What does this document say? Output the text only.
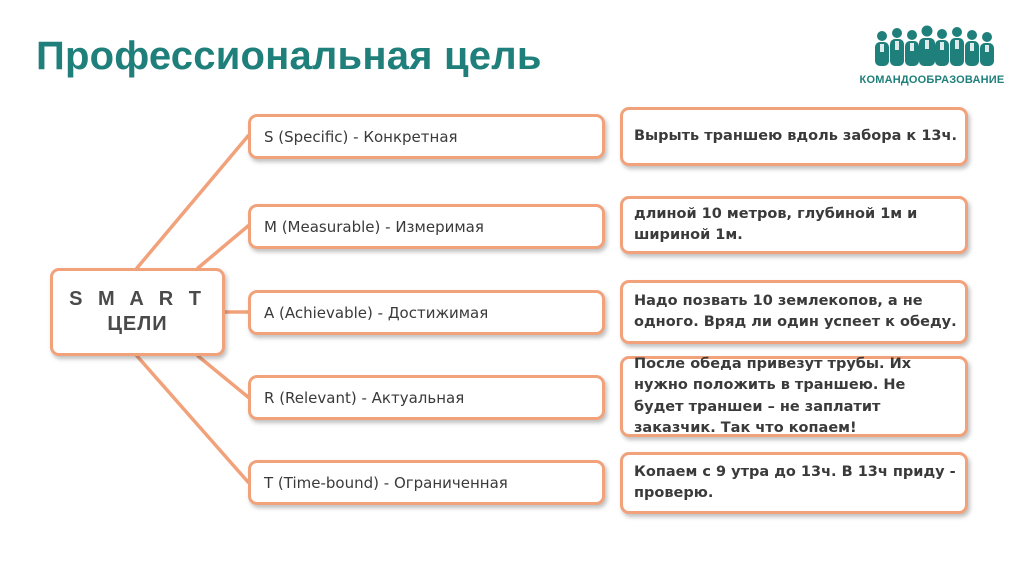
Профессиональная цель
КОМАНДООБРАЗОВАНИЕ
S M A R T
ЦЕЛИ
S (Specific) - Конкретная
M (Measurable) - Измеримая
A (Achievable) - Достижимая
R (Relevant) - Актуальная
T (Time-bound) - Ограниченная
Вырыть траншею вдоль забора к 13ч.
длиной 10 метров, глубиной 1м и шириной 1м.
Надо позвать 10 землекопов, а не одного. Вряд ли один успеет к обеду.
После обеда привезут трубы. Их нужно положить в траншею. Не будет траншеи – не заплатит заказчик. Так что копаем!
Копаем с 9 утра до 13ч. В 13ч приду - проверю.
